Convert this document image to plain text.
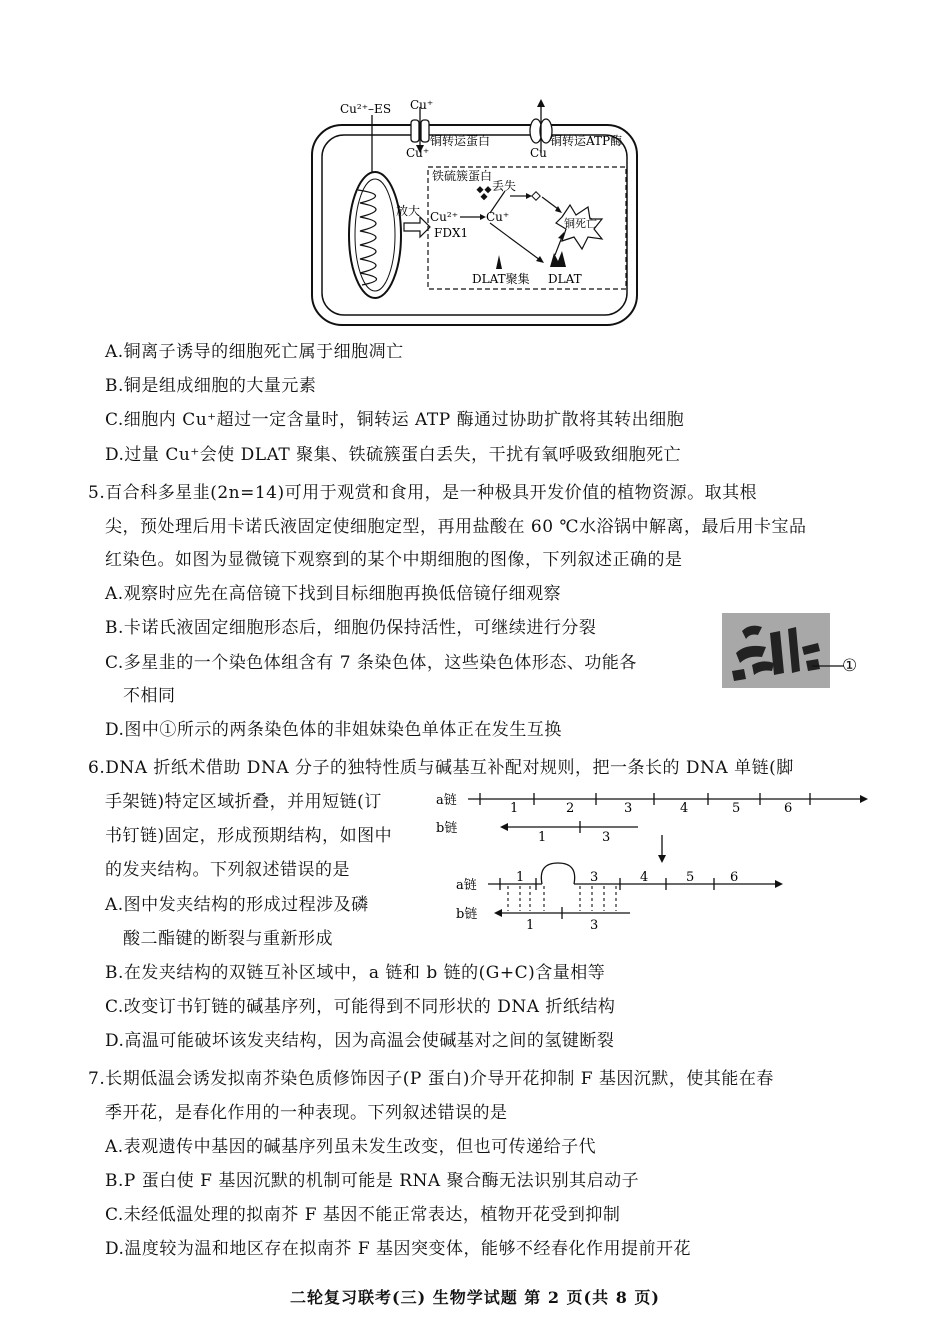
Cu²⁺–ES Cu⁺
Cu⁺
铜转运蛋白
Cu
铜转运ATP酶
铁硫簇蛋白
丢失
放大 Cu²⁺ Cu⁺
FDX1
铜死亡
DLAT聚集 DLAT
A.铜离子诱导的细胞死亡属于细胞凋亡
B.铜是组成细胞的大量元素
C.细胞内 Cu⁺超过一定含量时，铜转运 ATP 酶通过协助扩散将其转出细胞
D.过量 Cu⁺会使 DLAT 聚集、铁硫簇蛋白丢失，干扰有氧呼吸致细胞死亡
5.百合科多星韭(2n=14)可用于观赏和食用，是一种极具开发价值的植物资源。取其根
尖，预处理后用卡诺氏液固定使细胞定型，再用盐酸在 60 ℃水浴锅中解离，最后用卡宝品
红染色。如图为显微镜下观察到的某个中期细胞的图像，下列叙述正确的是
A.观察时应先在高倍镜下找到目标细胞再换低倍镜仔细观察
B.卡诺氏液固定细胞形态后，细胞仍保持活性，可继续进行分裂
C.多星韭的一个染色体组含有 7 条染色体，这些染色体形态、功能各
不相同
D.图中①所示的两条染色体的非姐妹染色单体正在发生互换
①
6.DNA 折纸术借助 DNA 分子的独特性质与碱基互补配对规则，把一条长的 DNA 单链(脚
手架链)特定区域折叠，并用短链(订
书钉链)固定，形成预期结构，如图中
的发夹结构。下列叙述错误的是
A.图中发夹结构的形成过程涉及磷
酸二酯键的断裂与重新形成
B.在发夹结构的双链互补区域中，a 链和 b 链的(G+C)含量相等
C.改变订书钉链的碱基序列，可能得到不同形状的 DNA 折纸结构
D.高温可能破坏该发夹结构，因为高温会使碱基对之间的氢键断裂
a链
b链
1	2	3	4	5	6
1	3
a链
b链
1	3	4	5	6
1	3
7.长期低温会诱发拟南芥染色质修饰因子(P 蛋白)介导开花抑制 F 基因沉默，使其能在春
季开花，是春化作用的一种表现。下列叙述错误的是
A.表观遗传中基因的碱基序列虽未发生改变，但也可传递给子代
B.P 蛋白使 F 基因沉默的机制可能是 RNA 聚合酶无法识别其启动子
C.未经低温处理的拟南芥 F 基因不能正常表达，植物开花受到抑制
D.温度较为温和地区存在拟南芥 F 基因突变体，能够不经春化作用提前开花
二轮复习联考(三) 生物学试题 第 2 页(共 8 页)
